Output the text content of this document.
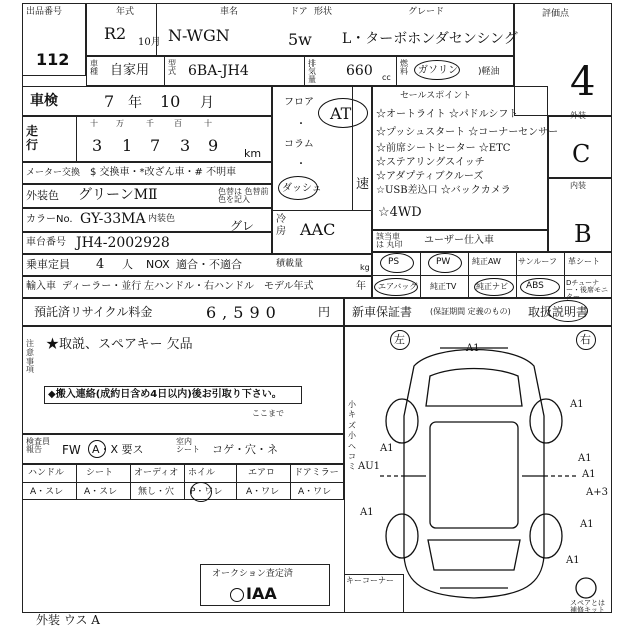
出品番号
112
年式
R2 10月
車名
N-WGN
ドア 形状
5w
グレード
L・ターボホンダセンシング
評価点
4
車種 自家用 型式 6BA-JH4	排気量
660 cc
燃料 ガソリン )軽油
車検	7 年 10 月
走行
十 万	千	百	十
3 1 7 3 9 km
メーター交換 $ 交換車・*改ざん車・# 不明車
外装色 グリーンMⅡ	色替は 色替前色を記入
カラーNo. GY-33MA 内装色	グレ
車台番号 JH4-2002928
フロア
・
コラム
・
AT
ダッシュ	速
冷房 AAC
セールスポイント
☆オートライト ☆パドルシフト
☆プッシュスタート ☆コーナーセンサー
☆前席シートヒーター ☆ETC
☆ステアリングスイッチ
☆アダプティブクルーズ
☆USB差込口 ☆バックカメラ
☆4WD
外装
C
内装
B
該当車は 丸印 ユーザー仕入車
乗車定員 4 人 NOX 適合・不適合	積載量	kg
輸入車 ディーラー・並行 左ハンドル・右ハンドル モデル年式	年
PS	PW	純正AW サンルーフ 革シート
エアバッグ 純正TV 純正ナビ ABS	Dチューナー・後席モニター
預託済リサイクル料金	6,590	円 新車保証書 (保証期間 定義のもの) 取扱説明書
注意事項
★取説、スペアキー 欠品
◆搬入連絡(成約日含め4日以内)後お引取り下さい。
ここまで
検査員 報告	FW A・X 要ス
室内 シート コゲ・穴・ネ
ハンドル シート オーディオ ホイル	エアロ ドアミラー
A・スレ A・スレ 無し・穴 P・ワレ	A・ワレ A・ワレ
オークション査定済
IAA
外装 ウス A
左	右
小キズ小ヘコミ
キーコーナー
スペアとは 補修キット
A1
A1
A1
A1
A1
AU1
A1
A+3
A1
A1
